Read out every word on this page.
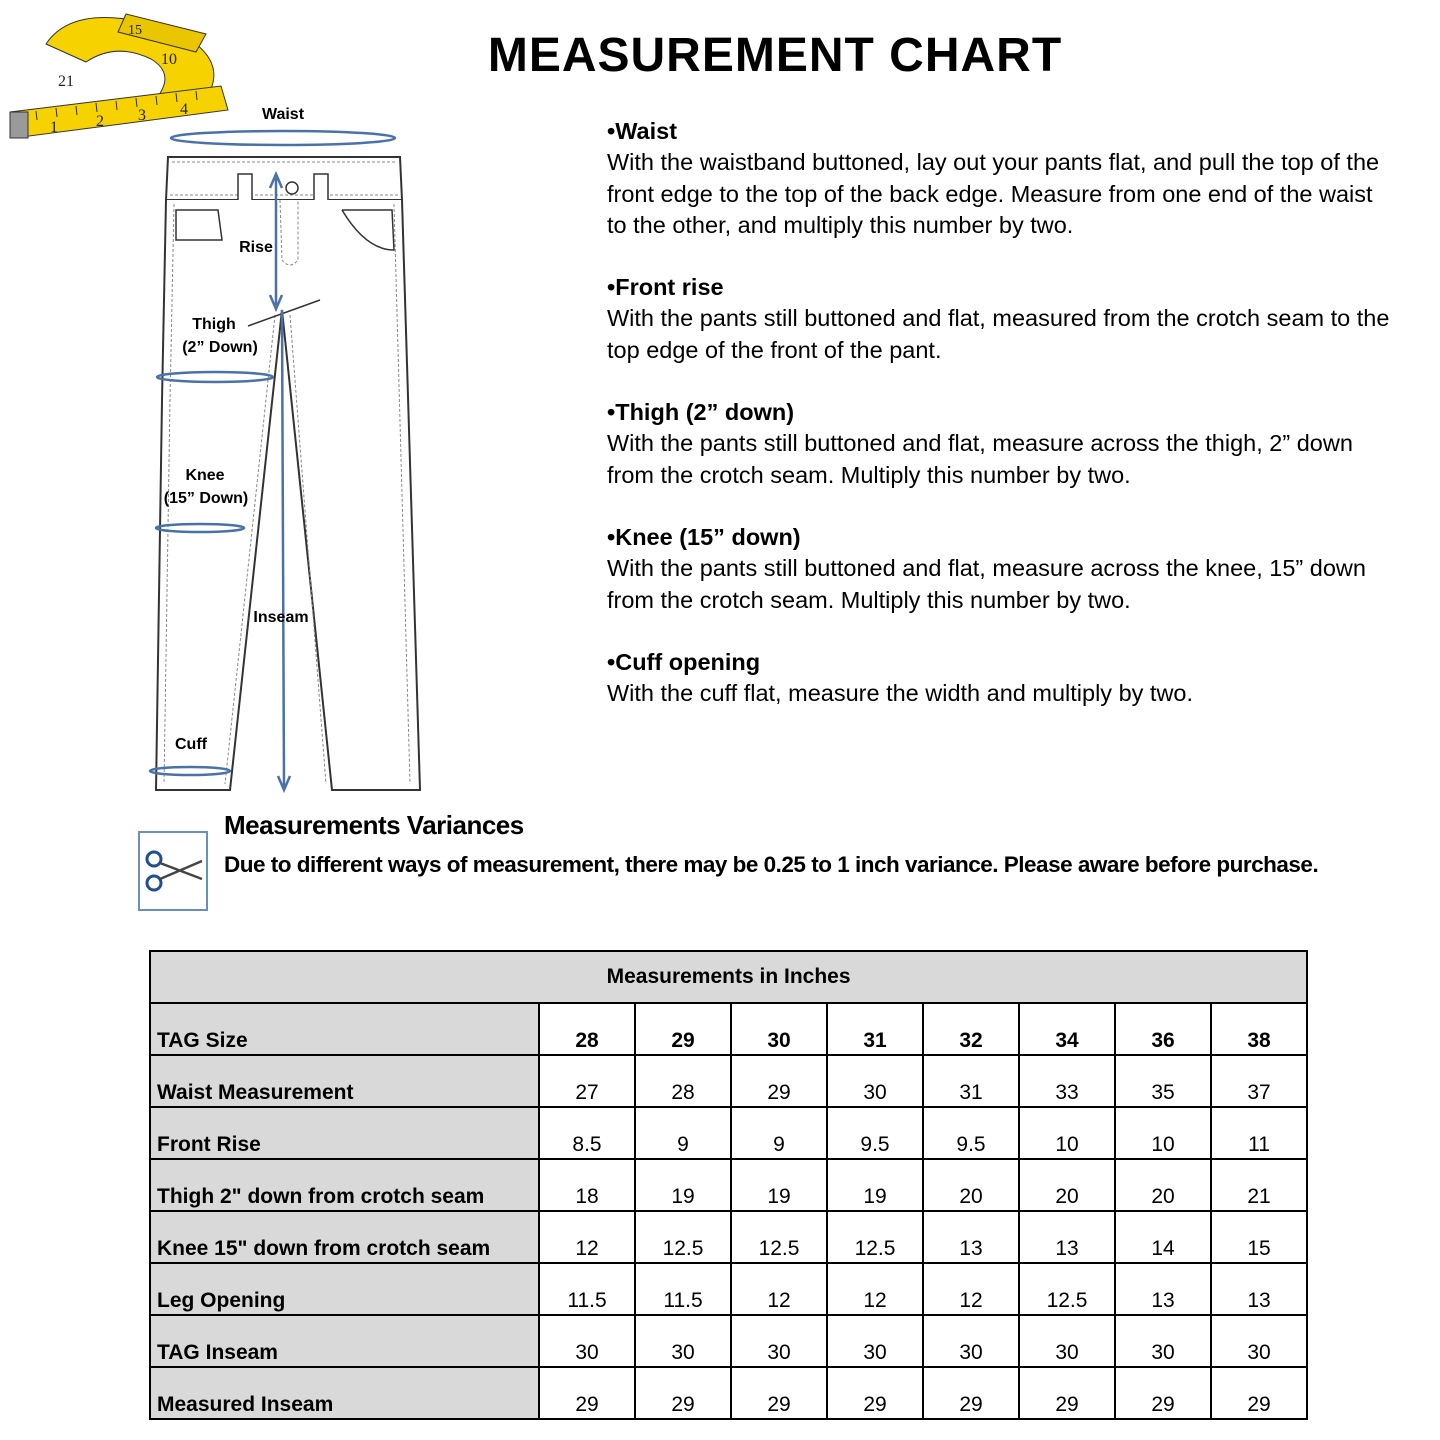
MEASUREMENT CHART
21
1 2 3 4
15
10
Waist
Rise
Thigh
(2” Down)
Knee
(15” Down)
Inseam
Cuff
•Waist
With the waistband buttoned, lay out your pants flat, and pull the top of the front edge to the top of the back edge. Measure from one end of the waist to the other, and multiply this number by two.
•Front rise
With the pants still buttoned and flat, measured from the crotch seam to the top edge of the front of the pant.
•Thigh (2” down)
With the pants still buttoned and flat, measure across the thigh, 2” down from the crotch seam. Multiply this number by two.
•Knee (15” down)
With the pants still buttoned and flat, measure across the knee, 15” down from the crotch seam. Multiply this number by two.
•Cuff opening
With the cuff flat, measure the width and multiply by two.
Measurements Variances
Due to different ways of measurement, there may be 0.25 to 1 inch variance. Please aware before purchase.
Measurements in Inches								
TAG Size	28	29	30	31	32	34	36	38
Waist Measurement	27	28	29	30	31	33	35	37
Front Rise	8.5	9	9	9.5	9.5	10	10	11
Thigh 2" down from crotch seam	18	19	19	19	20	20	20	21
Knee 15" down from crotch seam	12	12.5	12.5	12.5	13	13	14	15
Leg Opening	11.5	11.5	12	12	12	12.5	13	13
TAG Inseam	30	30	30	30	30	30	30	30
Measured Inseam	29	29	29	29	29	29	29	29
